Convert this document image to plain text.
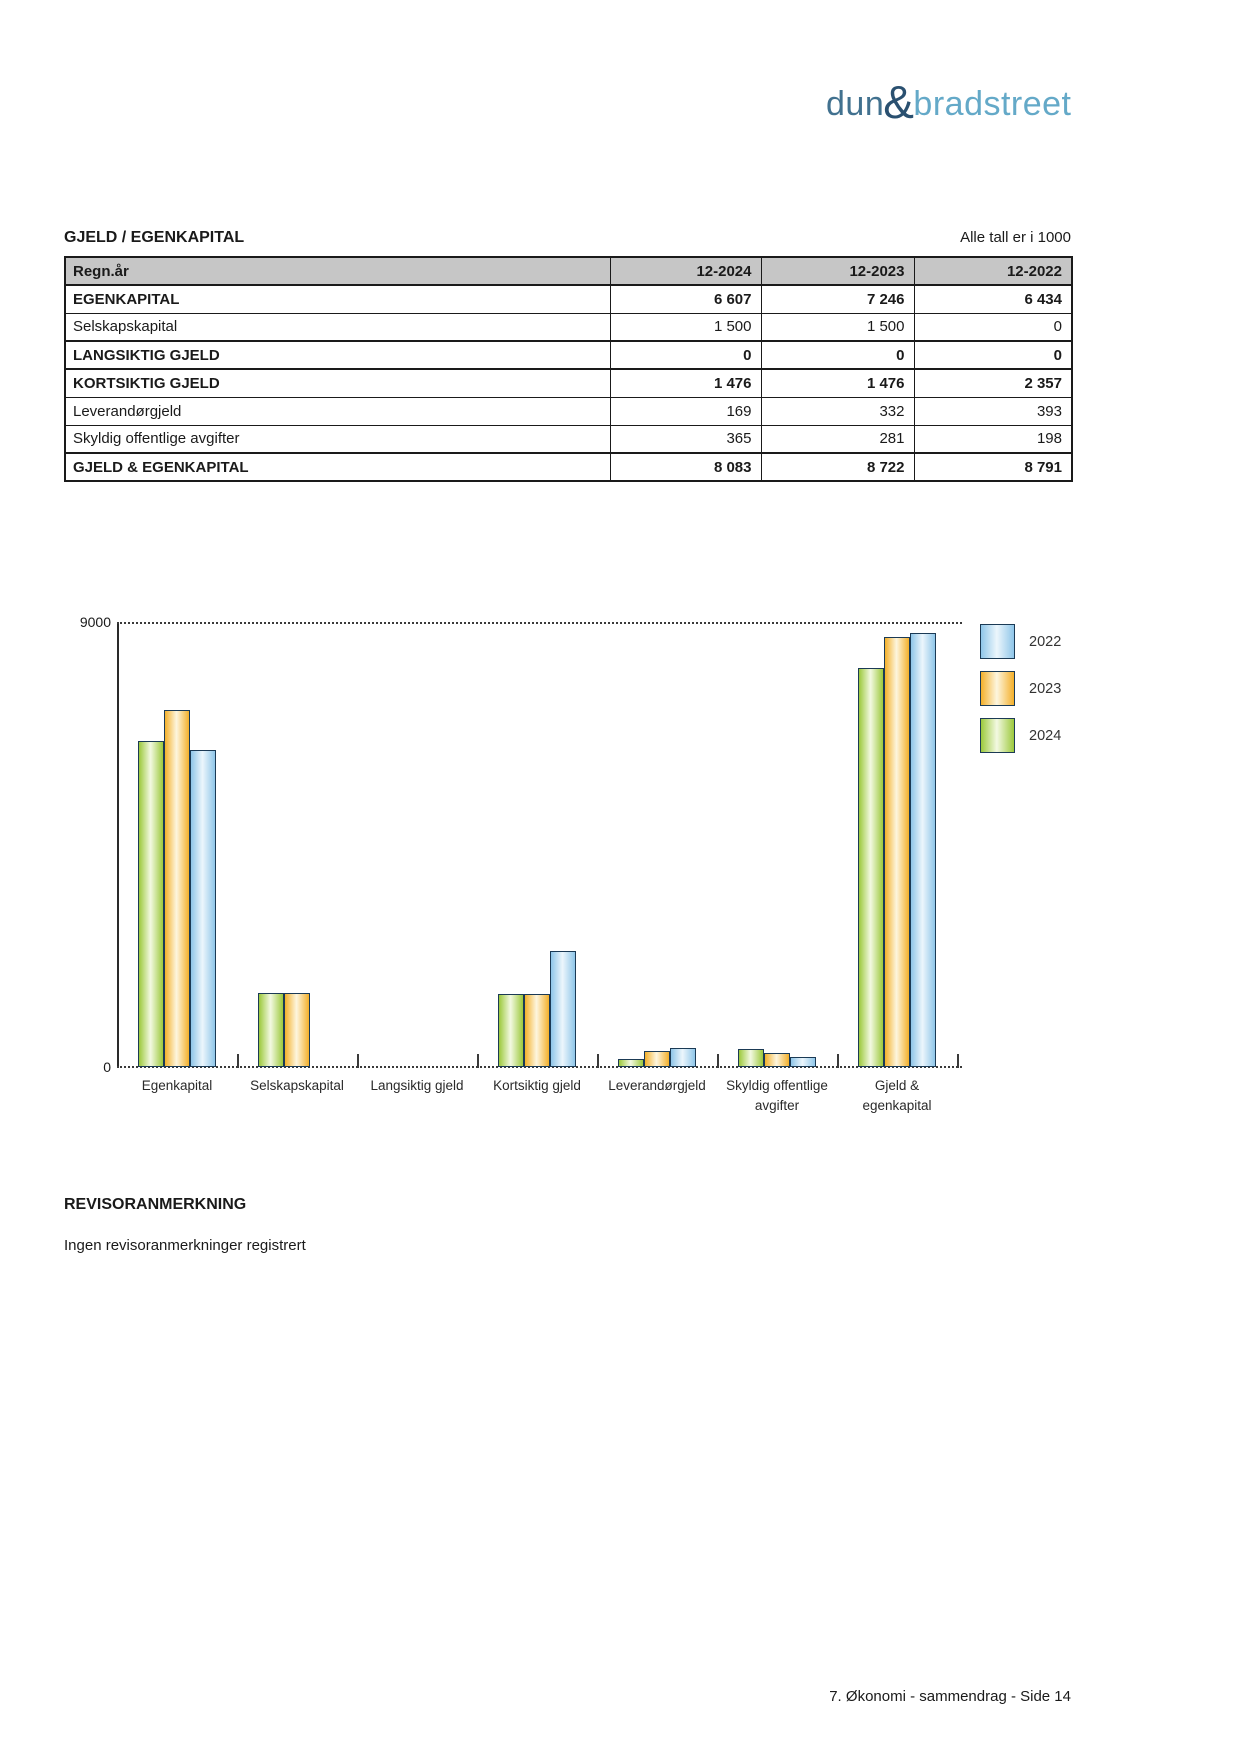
dun & bradstreet
GJELD / EGENKAPITAL	Alle tall er i 1000
Regn.år	12-2024	12-2023	12-2022
EGENKAPITAL	6 607	7 246	6 434
Selskapskapital	1 500	1 500	0
LANGSIKTIG GJELD	0	0	0
KORTSIKTIG GJELD	1 476	1 476	2 357
Leverandørgjeld	169	332	393
Skyldig offentlige avgifter	365	281	198
GJELD & EGENKAPITAL	8 083	8 722	8 791
9000
0
Egenkapital	Selskapskapital	Langsiktig gjeld	Kortsiktig gjeld	Leverandørgjeld	Skyldig offentlige
avgifter
Gjeld &
egenkapital
2022
2023
2024
REVISORANMERKNING
Ingen revisoranmerkninger registrert
7. Økonomi - sammendrag - Side 14
